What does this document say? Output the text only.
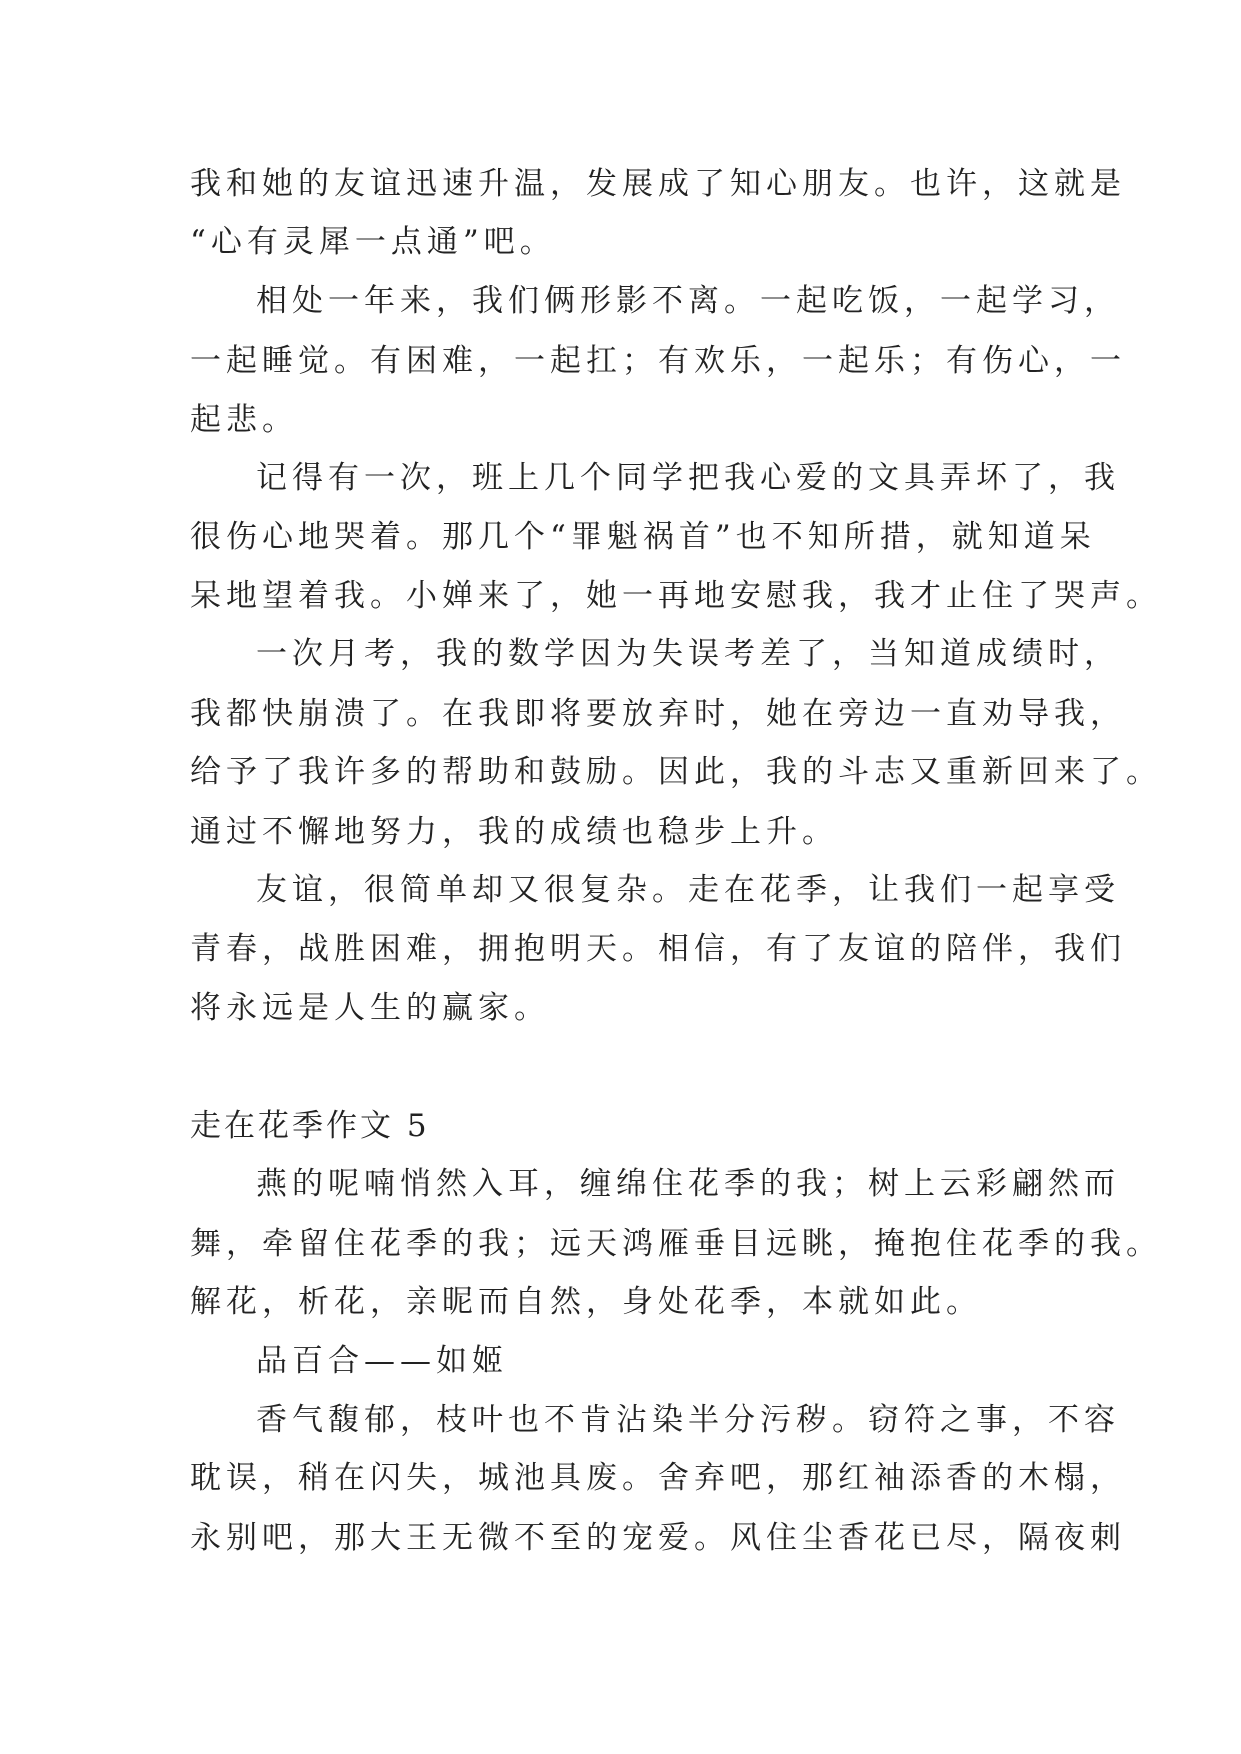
我和她的友谊迅速升温，发展成了知心朋友。也许，这就是
“心有灵犀一点通”吧。
相处一年来，我们俩形影不离。一起吃饭，一起学习，
一起睡觉。有困难，一起扛；有欢乐，一起乐；有伤心，一
起悲。
记得有一次，班上几个同学把我心爱的文具弄坏了，我
很伤心地哭着。那几个“罪魁祸首”也不知所措，就知道呆
呆地望着我。小婵来了，她一再地安慰我，我才止住了哭声。
一次月考，我的数学因为失误考差了，当知道成绩时，
我都快崩溃了。在我即将要放弃时，她在旁边一直劝导我，
给予了我许多的帮助和鼓励。因此，我的斗志又重新回来了。
通过不懈地努力，我的成绩也稳步上升。
友谊，很简单却又很复杂。走在花季，让我们一起享受
青春，战胜困难，拥抱明天。相信，有了友谊的陪伴，我们
将永远是人生的赢家。
走在花季作文 5
燕的呢喃悄然入耳，缠绵住花季的我；树上云彩翩然而
舞，牵留住花季的我；远天鸿雁垂目远眺，掩抱住花季的我。
解花，析花，亲昵而自然，身处花季，本就如此。
品百合——如姬
香气馥郁，枝叶也不肯沾染半分污秽。窃符之事，不容
耽误，稍在闪失，城池具废。舍弃吧，那红袖添香的木榻，
永别吧，那大王无微不至的宠爱。风住尘香花已尽，隔夜刺
